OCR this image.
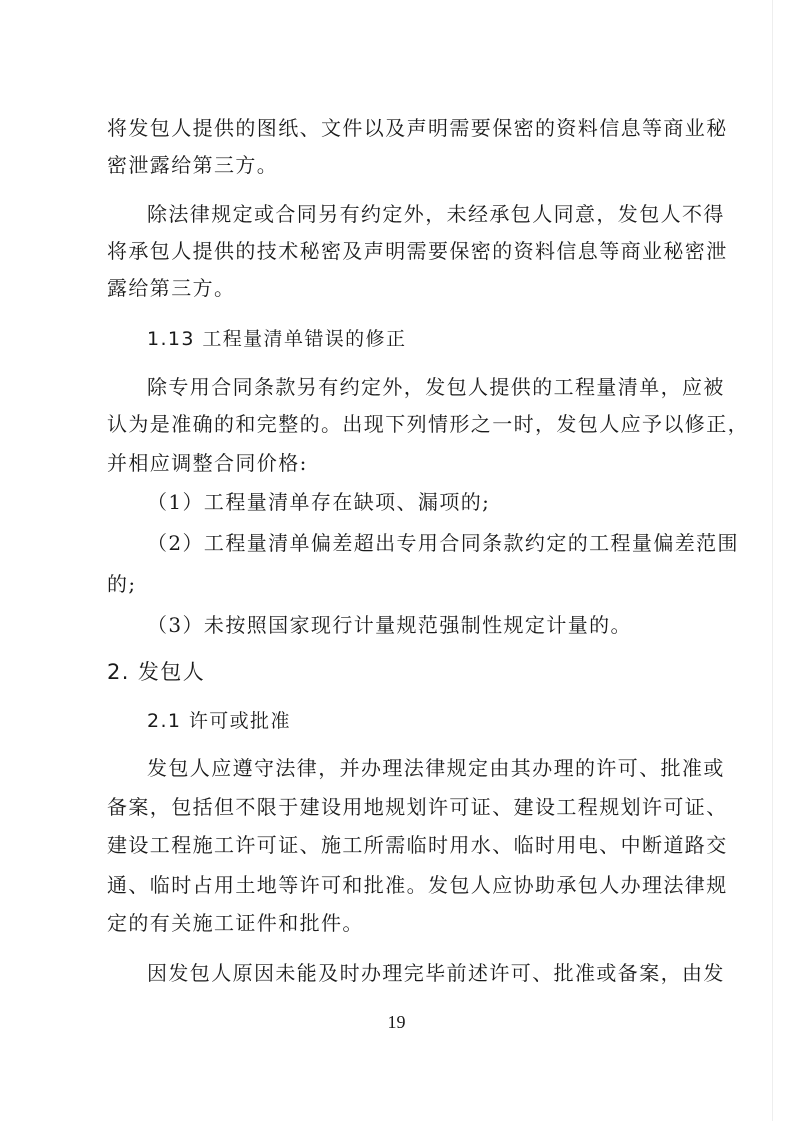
将发包人提供的图纸、文件以及声明需要保密的资料信息等商业秘
密泄露给第三方。
除法律规定或合同另有约定外，未经承包人同意，发包人不得
将承包人提供的技术秘密及声明需要保密的资料信息等商业秘密泄
露给第三方。
1.13 工程量清单错误的修正
除专用合同条款另有约定外，发包人提供的工程量清单，应被
认为是准确的和完整的。出现下列情形之一时，发包人应予以修正，
并相应调整合同价格:
（1）工程量清单存在缺项、漏项的;
（2）工程量清单偏差超出专用合同条款约定的工程量偏差范围
的;
（3）未按照国家现行计量规范强制性规定计量的。
2. 发包人
2.1 许可或批准
发包人应遵守法律，并办理法律规定由其办理的许可、批准或
备案，包括但不限于建设用地规划许可证、建设工程规划许可证、
建设工程施工许可证、施工所需临时用水、临时用电、中断道路交
通、临时占用土地等许可和批准。发包人应协助承包人办理法律规
定的有关施工证件和批件。
因发包人原因未能及时办理完毕前述许可、批准或备案，由发
19
